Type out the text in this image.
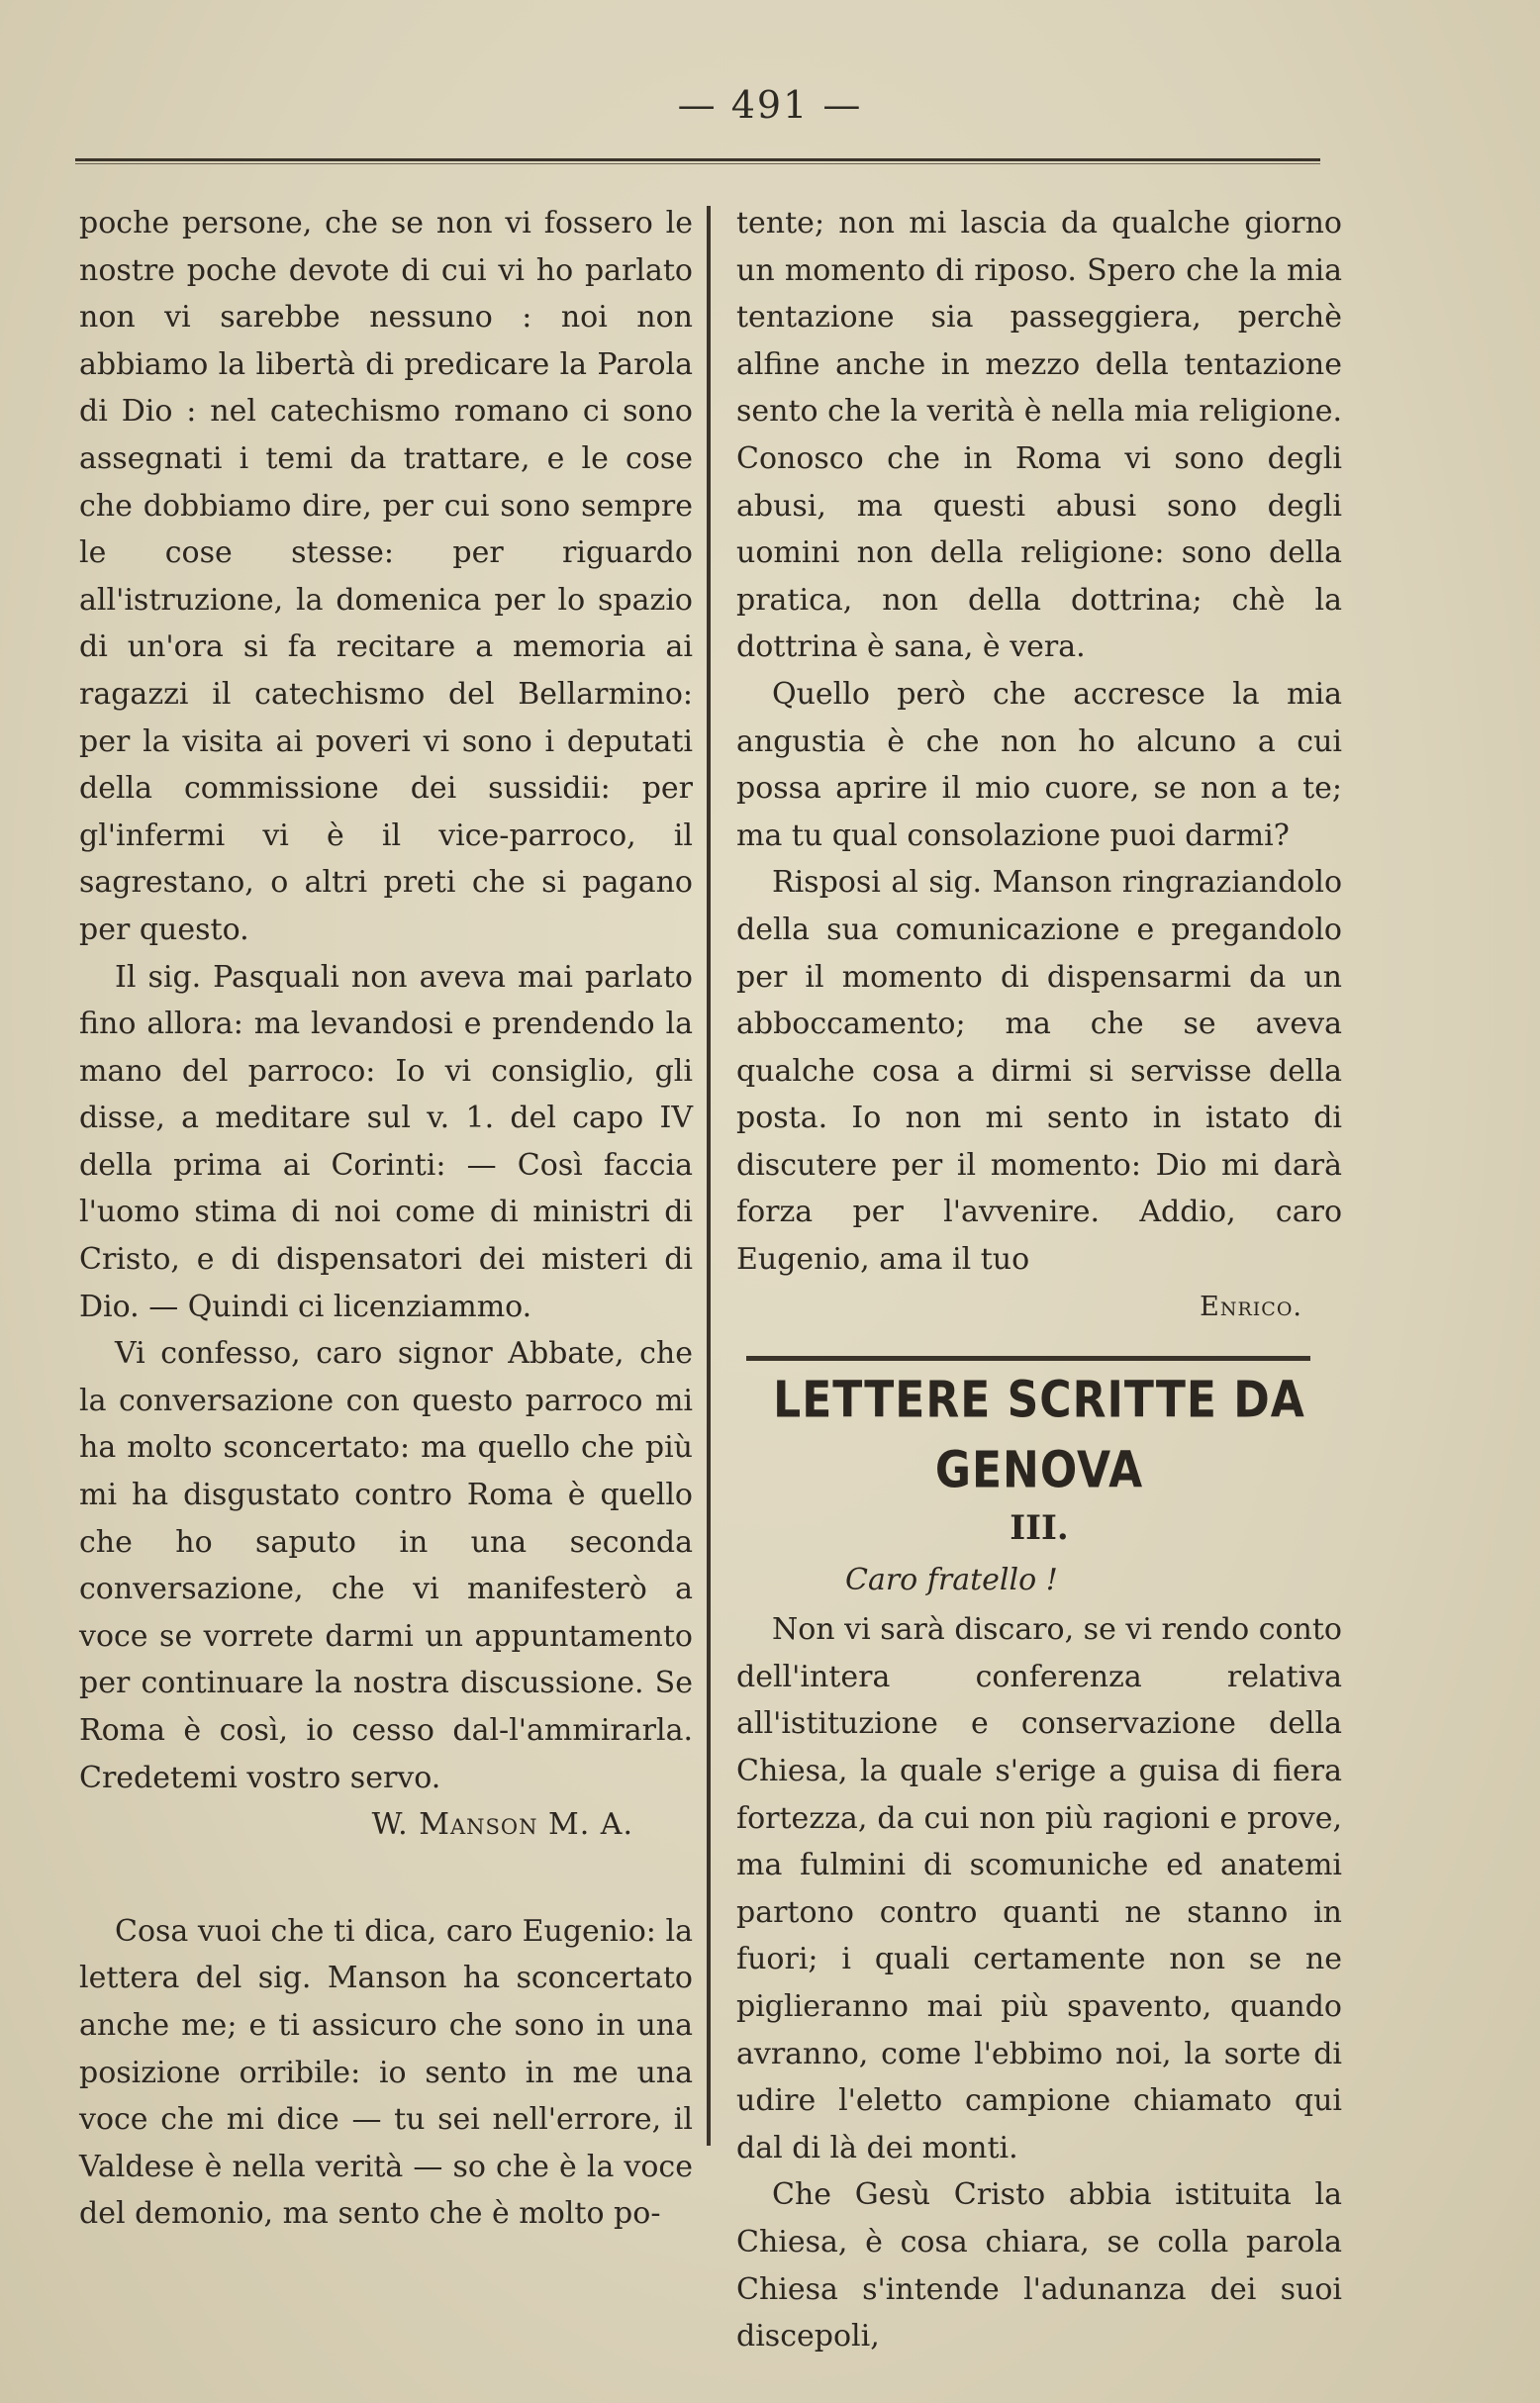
— 491 —

poche persone, che se non vi fossero le nostre poche devote di cui vi ho parlato non vi sarebbe nessuno : noi non abbiamo la libertà di predicare la Parola di Dio : nel catechismo romano ci sono assegnati i temi da trattare, e le cose che dobbiamo dire, per cui sono sempre le cose stesse: per riguardo all'istruzione, la domenica per lo spazio di un'ora si fa recitare a memoria ai ragazzi il catechismo del Bellarmino: per la visita ai poveri vi sono i deputati della commissione dei sussidii: per gl'infermi vi è il vice-parroco, il sagrestano, o altri preti che si pagano per questo.

Il sig. Pasquali non aveva mai parlato fino allora: ma levandosi e prendendo la mano del parroco: Io vi consiglio, gli disse, a meditare sul v. 1. del capo IV della prima ai Corinti: — Così faccia l'uomo stima di noi come di ministri di Cristo, e di dispensatori dei misteri di Dio. — Quindi ci licenziammo.

Vi confesso, caro signor Abbate, che la conversazione con questo parroco mi ha molto sconcertato: ma quello che più mi ha disgustato contro Roma è quello che ho saputo in una seconda conversazione, che vi manifesterò a voce se vorrete darmi un appuntamento per continuare la nostra discussione. Se Roma è così, io cesso dal-l'ammirarla. Credetemi vostro servo.

W. Manson M. A.

Cosa vuoi che ti dica, caro Eugenio: la lettera del sig. Manson ha sconcertato anche me; e ti assicuro che sono in una posizione orribile: io sento in me una voce che mi dice — tu sei nell'errore, il Valdese è nella verità — so che è la voce del demonio, ma sento che è molto po-

tente; non mi lascia da qualche giorno un momento di riposo. Spero che la mia tentazione sia passeggiera, perchè alfine anche in mezzo della tentazione sento che la verità è nella mia religione. Conosco che in Roma vi sono degli abusi, ma questi abusi sono degli uomini non della religione: sono della pratica, non della dottrina; chè la dottrina è sana, è vera.

Quello però che accresce la mia angustia è che non ho alcuno a cui possa aprire il mio cuore, se non a te; ma tu qual consolazione puoi darmi?

Risposi al sig. Manson ringraziandolo della sua comunicazione e pregandolo per il momento di dispensarmi da un abboccamento; ma che se aveva qualche cosa a dirmi si servisse della posta. Io non mi sento in istato di discutere per il momento: Dio mi darà forza per l'avvenire. Addio, caro Eugenio, ama il tuo

Enrico.

LETTERE SCRITTE DA GENOVA
III.

Caro fratello !

Non vi sarà discaro, se vi rendo conto dell'intera conferenza relativa all'istituzione e conservazione della Chiesa, la quale s'erige a guisa di fiera fortezza, da cui non più ragioni e prove, ma fulmini di scomuniche ed anatemi partono contro quanti ne stanno in fuori; i quali certamente non se ne piglieranno mai più spavento, quando avranno, come l'ebbimo noi, la sorte di udire l'eletto campione chiamato qui dal di là dei monti.

Che Gesù Cristo abbia istituita la Chiesa, è cosa chiara, se colla parola Chiesa s'intende l'adunanza dei suoi discepoli,
